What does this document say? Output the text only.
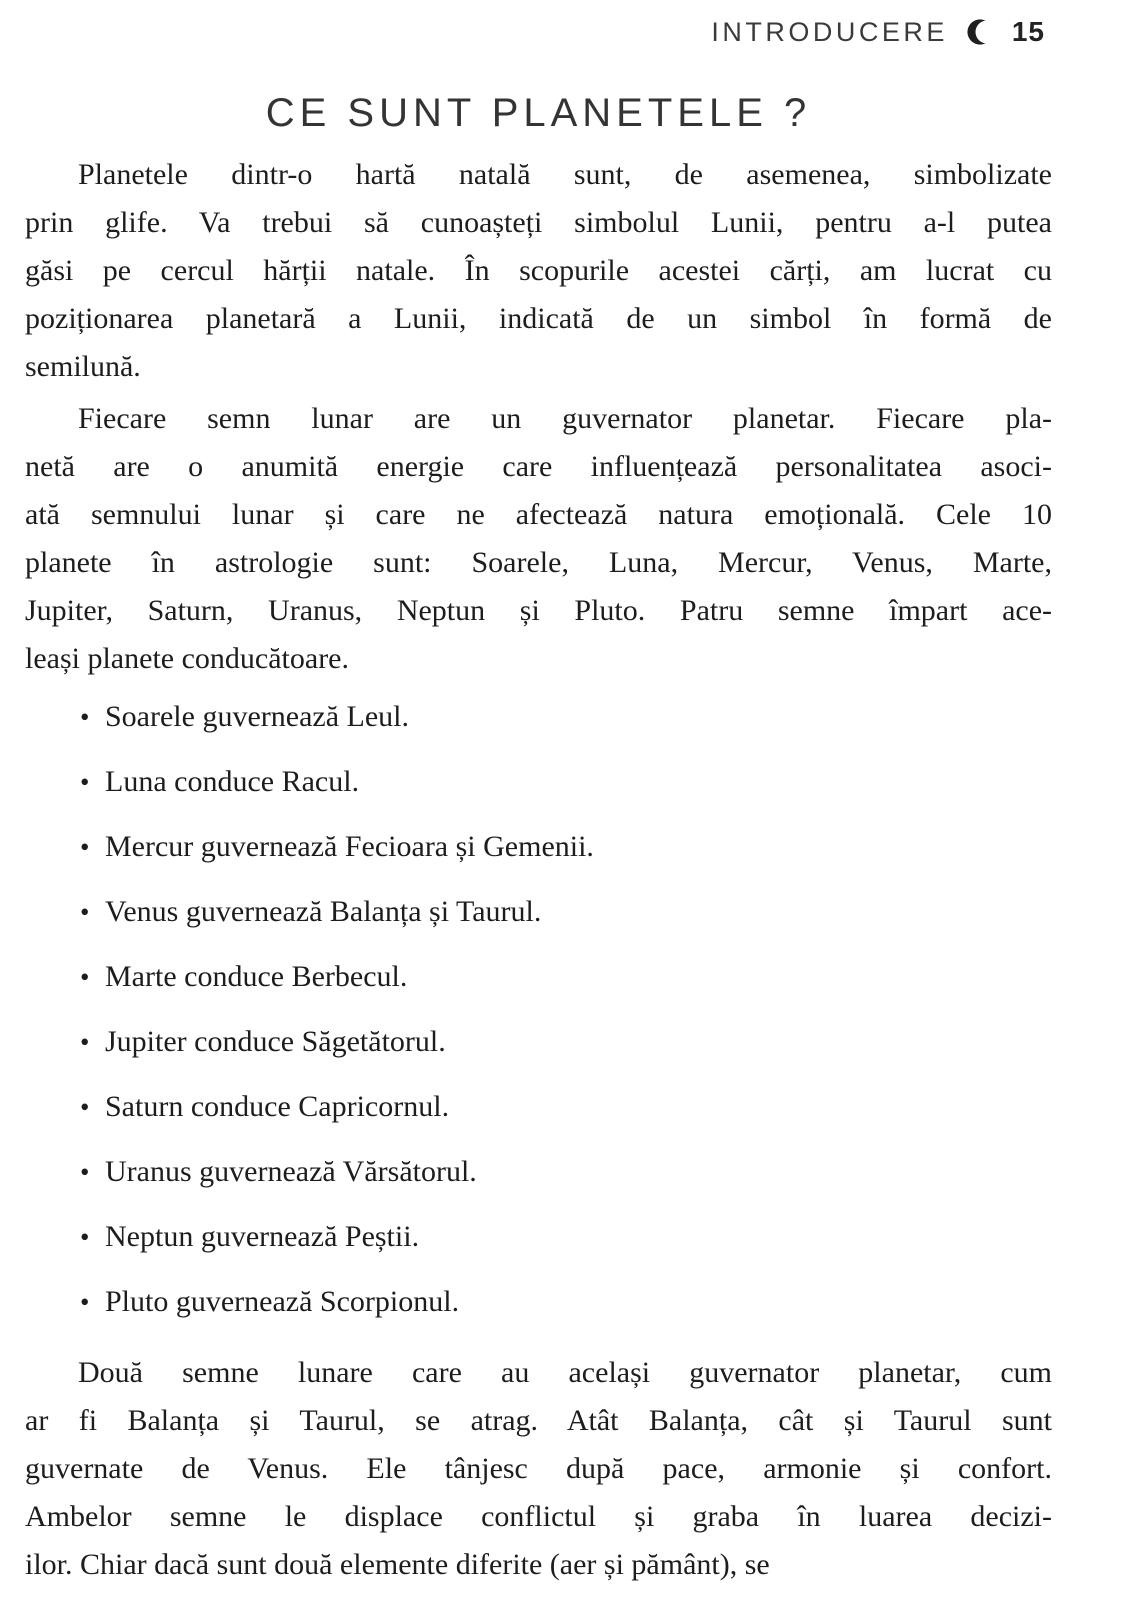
INTRODUCERE 15
CE SUNT PLANETELE ?
Planetele dintr-o hartă natală sunt, de asemenea, simbolizate
prin glife. Va trebui să cunoașteți simbolul Lunii, pentru a-l putea
găsi pe cercul hărții natale. În scopurile acestei cărți, am lucrat cu
poziționarea planetară a Lunii, indicată de un simbol în formă de
semilună.
Fiecare semn lunar are un guvernator planetar. Fiecare pla-
netă are o anumită energie care influențează personalitatea asoci-
ată semnului lunar și care ne afectează natura emoțională. Cele 10
planete în astrologie sunt: Soarele, Luna, Mercur, Venus, Marte,
Jupiter, Saturn, Uranus, Neptun și Pluto. Patru semne împart ace-
leași planete conducătoare.
• Soarele guvernează Leul.
• Luna conduce Racul.
• Mercur guvernează Fecioara și Gemenii.
• Venus guvernează Balanța și Taurul.
• Marte conduce Berbecul.
• Jupiter conduce Săgetătorul.
• Saturn conduce Capricornul.
• Uranus guvernează Vărsătorul.
• Neptun guvernează Peștii.
• Pluto guvernează Scorpionul.
Două semne lunare care au același guvernator planetar, cum
ar fi Balanța și Taurul, se atrag. Atât Balanța, cât și Taurul sunt
guvernate de Venus. Ele tânjesc după pace, armonie și confort.
Ambelor semne le displace conflictul și graba în luarea decizi-
ilor. Chiar dacă sunt două elemente diferite (aer și pământ), se
